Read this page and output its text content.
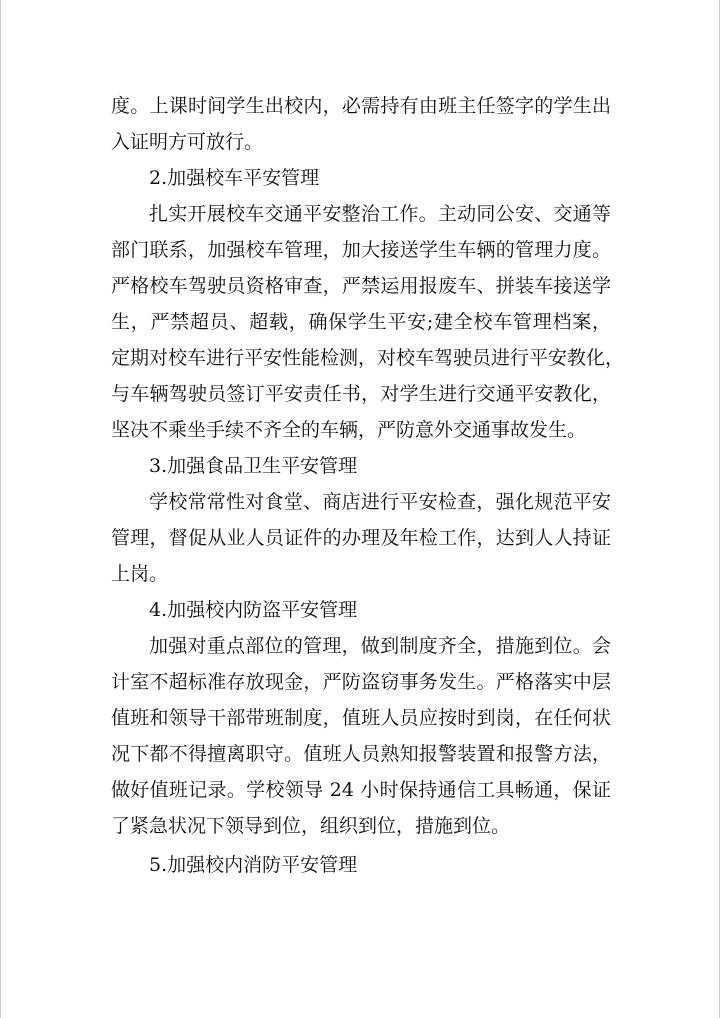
度。上课时间学生出校内，必需持有由班主任签字的学生出
入证明方可放行。
2.加强校车平安管理
扎实开展校车交通平安整治工作。主动同公安、交通等
部门联系，加强校车管理，加大接送学生车辆的管理力度。
严格校车驾驶员资格审查，严禁运用报废车、拼装车接送学
生，严禁超员、超载，确保学生平安;建全校车管理档案，
定期对校车进行平安性能检测，对校车驾驶员进行平安教化，
与车辆驾驶员签订平安责任书，对学生进行交通平安教化，
坚决不乘坐手续不齐全的车辆，严防意外交通事故发生。
3.加强食品卫生平安管理
学校常常性对食堂、商店进行平安检查，强化规范平安
管理，督促从业人员证件的办理及年检工作，达到人人持证
上岗。
4.加强校内防盗平安管理
加强对重点部位的管理，做到制度齐全，措施到位。会
计室不超标准存放现金，严防盗窃事务发生。严格落实中层
值班和领导干部带班制度，值班人员应按时到岗，在任何状
况下都不得擅离职守。值班人员熟知报警装置和报警方法，
做好值班记录。学校领导 24 小时保持通信工具畅通，保证
了紧急状况下领导到位，组织到位，措施到位。
5.加强校内消防平安管理
